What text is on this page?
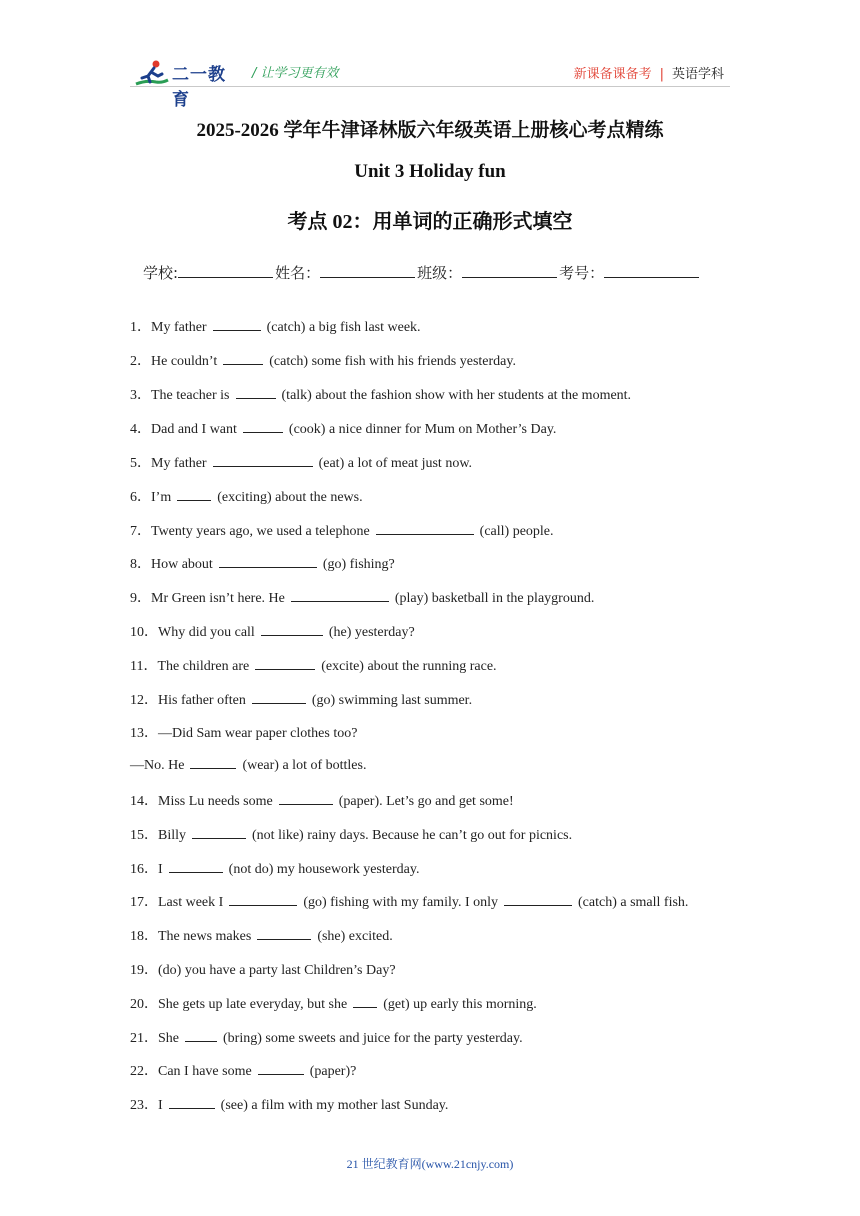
二一教育
/ 让学习更有效	新课备课备考 | 英语学科
2025-2026 学年牛津译林版六年级英语上册核心考点精练
Unit 3 Holiday fun
考点 02：用单词的正确形式填空
学校:	姓名：	班级：	考号：
1．My father	(catch) a big fish last week.
2．He couldn’t	(catch) some fish with his friends yesterday.
3．The teacher is	(talk) about the fashion show with her students at the moment.
4．Dad and I want	(cook) a nice dinner for Mum on Mother’s Day.
5．My father	(eat) a lot of meat just now.
6．I’m	(exciting) about the news.
7．Twenty years ago, we used a telephone	(call) people.
8．How about	(go) fishing?
9．Mr Green isn’t here. He	(play) basketball in the playground.
10．Why did you call	(he) yesterday?
11．The children are	(excite) about the running race.
12．His father often	(go) swimming last summer.
13．—Did Sam wear paper clothes too?
—No. He	(wear) a lot of bottles.
14．Miss Lu needs some	(paper). Let’s go and get some!
15．Billy	(not like) rainy days. Because he can’t go out for picnics.
16．I	(not do) my housework yesterday.
17．Last week I	(go) fishing with my family. I only	(catch) a small fish.
18．The news makes	(she) excited.
19．(do) you have a party last Children’s Day?
20．She gets up late everyday, but she	(get) up early this morning.
21．She	(bring) some sweets and juice for the party yesterday.
22．Can I have some	(paper)?
23．I	(see) a film with my mother last Sunday.
21 世纪教育网(www.21cnjy.com)
